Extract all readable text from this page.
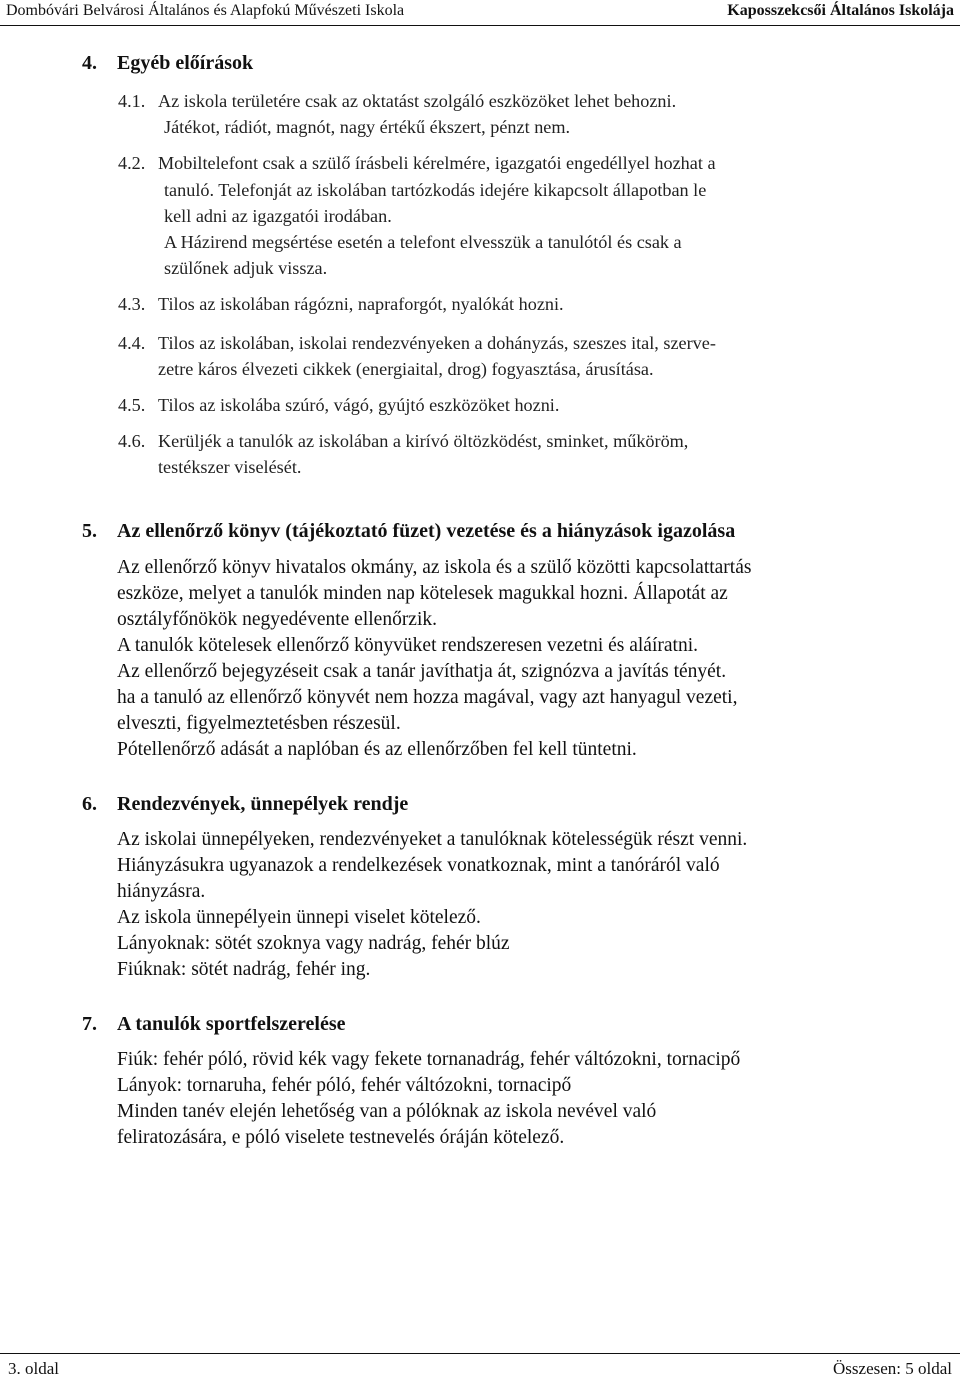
Dombóvári Belvárosi Általános és Alapfokú Művészeti Iskola	Kaposszekcsői Általános Iskolája
4. Egyéb előírások
4.1. Az iskola területére csak az oktatást szolgáló eszközöket lehet behozni.
Játékot, rádiót, magnót, nagy értékű ékszert, pénzt nem.
4.2. Mobiltelefont csak a szülő írásbeli kérelmére, igazgatói engedéllyel hozhat a
tanuló. Telefonját az iskolában tartózkodás idejére kikapcsolt állapotban le
kell adni az igazgatói irodában.
A Házirend megsértése esetén a telefont elvesszük a tanulótól és csak a
szülőnek adjuk vissza.
4.3. Tilos az iskolában rágózni, napraforgót, nyalókát hozni.
4.4. Tilos az iskolában, iskolai rendezvényeken a dohányzás, szeszes ital, szerve-
zetre káros élvezeti cikkek (energiaital, drog) fogyasztása, árusítása.
4.5. Tilos az iskolába szúró, vágó, gyújtó eszközöket hozni.
4.6. Kerüljék a tanulók az iskolában a kirívó öltözködést, sminket, műköröm,
testékszer viselését.
5. Az ellenőrző könyv (tájékoztató füzet) vezetése és a hiányzások igazolása
Az ellenőrző könyv hivatalos okmány, az iskola és a szülő közötti kapcsolattartás
eszköze, melyet a tanulók minden nap kötelesek magukkal hozni. Állapotát az
osztályfőnökök negyedévente ellenőrzik.
A tanulók kötelesek ellenőrző könyvüket rendszeresen vezetni és aláíratni.
Az ellenőrző bejegyzéseit csak a tanár javíthatja át, szignózva a javítás tényét.
ha a tanuló az ellenőrző könyvét nem hozza magával, vagy azt hanyagul vezeti,
elveszti, figyelmeztetésben részesül.
Pótellenőrző adását a naplóban és az ellenőrzőben fel kell tüntetni.
6. Rendezvények, ünnepélyek rendje
Az iskolai ünnepélyeken, rendezvényeket a tanulóknak kötelességük részt venni.
Hiányzásukra ugyanazok a rendelkezések vonatkoznak, mint a tanóráról való
hiányzásra.
Az iskola ünnepélyein ünnepi viselet kötelező.
Lányoknak: sötét szoknya vagy nadrág, fehér blúz
Fiúknak: sötét nadrág, fehér ing.
7. A tanulók sportfelszerelése
Fiúk: fehér póló, rövid kék vagy fekete tornanadrág, fehér váltózokni, tornacipő
Lányok: tornaruha, fehér póló, fehér váltózokni, tornacipő
Minden tanév elején lehetőség van a pólóknak az iskola nevével való
feliratozására, e póló viselete testnevelés óráján kötelező.
3. oldal	Összesen: 5 oldal
